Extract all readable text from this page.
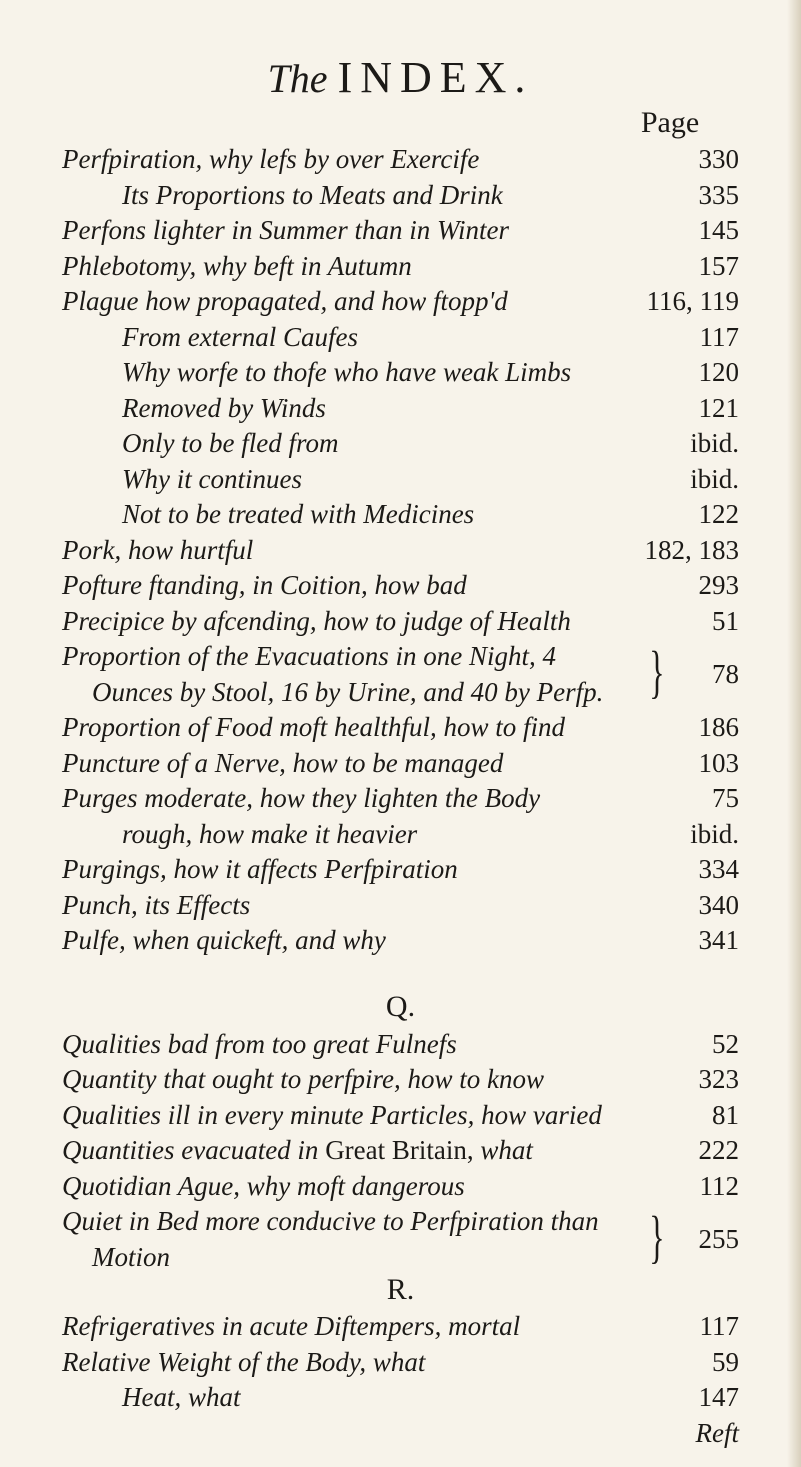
The INDEX.
Page
Perfpiration, why lefs by over Exercife	330
Its Proportions to Meats and Drink	335
Perfons lighter in Summer than in Winter	145
Phlebotomy, why beft in Autumn	157
Plague how propagated, and how ftopp'd	116, 119
From external Caufes	117
Why worfe to thofe who have weak Limbs	120
Removed by Winds	121
Only to be fled from	ibid.
Why it continues	ibid.
Not to be treated with Medicines	122
Pork, how hurtful	182, 183
Pofture ftanding, in Coition, how bad	293
Precipice by afcending, how to judge of Health	51
Proportion of the Evacuations in one Night, 4
Ounces by Stool, 16 by Urine, and 40 by Perfp. } 78
Proportion of Food moft healthful, how to find	186
Puncture of a Nerve, how to be managed	103
Purges moderate, how they lighten the Body	75
rough, how make it heavier	ibid.
Purgings, how it affects Perfpiration	334
Punch, its Effects	340
Pulfe, when quickeft, and why	341
Q.
Qualities bad from too great Fulnefs	52
Quantity that ought to perfpire, how to know	323
Qualities ill in every minute Particles, how varied	81
Quantities evacuated in Great Britain, what	222
Quotidian Ague, why moft dangerous	112
Quiet in Bed more conducive to Perfpiration than
Motion	} 255
R.
Refrigeratives in acute Diftempers, mortal	117
Relative Weight of the Body, what	59
Heat, what	147
Reft
